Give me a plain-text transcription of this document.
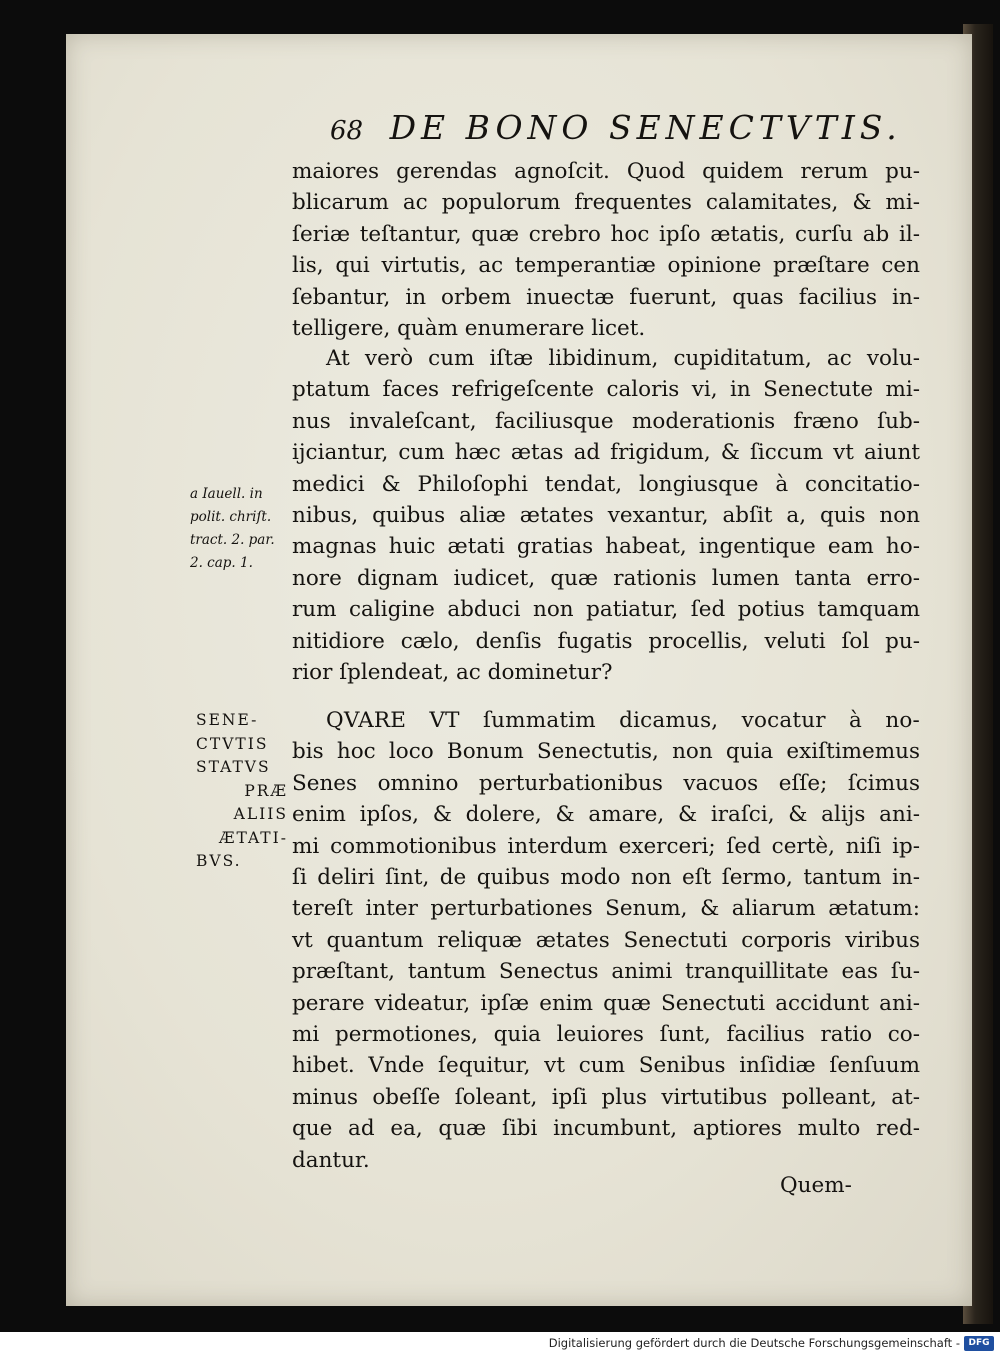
68 DE BONO SENECTVTIS.
maiores gerendas agnoſcit. Quod quidem rerum pu-
blicarum ac populorum frequentes calamitates, & mi-
ſeriæ teſtantur, quæ crebro hoc ipſo ætatis, curſu ab il-
lis, qui virtutis, ac temperantiæ opinione præſtare cen
ſebantur, in orbem inuectæ fuerunt, quas facilius in-
telligere, quàm enumerare licet.
At verò cum iſtæ libidinum, cupiditatum, ac volu-
ptatum faces refrigeſcente caloris vi, in Senectute mi-
nus invaleſcant, faciliusque moderationis fræno ſub-
ijciantur, cum hæc ætas ad frigidum, & ſiccum vt aiunt
medici & Philoſophi tendat, longiusque à concitatio-
nibus, quibus aliæ ætates vexantur, abſit a, quis non
magnas huic ætati gratias habeat, ingentique eam ho-
nore dignam iudicet, quæ rationis lumen tanta erro-
rum caligine abduci non patiatur, ſed potius tamquam
nitidiore cælo, denſis fugatis procellis, veluti ſol pu-
rior ſplendeat, ac dominetur?
QVARE VT ſummatim dicamus, vocatur à no-
bis hoc loco Bonum Senectutis, non quia exiſtimemus
Senes omnino perturbationibus vacuos eſſe; ſcimus
enim ipſos, & dolere, & amare, & iraſci, & alijs ani-
mi commotionibus interdum exerceri; ſed certè, niſi ip-
ſi deliri ſint, de quibus modo non eſt ſermo, tantum in-
tereſt inter perturbationes Senum, & aliarum ætatum:
vt quantum reliquæ ætates Senectuti corporis viribus
præſtant, tantum Senectus animi tranquillitate eas ſu-
perare videatur, ipſæ enim quæ Senectuti accidunt ani-
mi permotiones, quia leuiores ſunt, facilius ratio co-
hibet. Vnde ſequitur, vt cum Senibus inſidiæ ſenſuum
minus obeſſe ſoleant, ipſi plus virtutibus polleant, at-
que ad ea, quæ ſibi incumbunt, aptiores multo red-
dantur.
Quem-
a Iauell. in
polit. chriſt.
tract. 2. par.
2. cap. 1.
SENE-
CTVTIS
STATVS
PRÆ
ALIIS
ÆTATI-
BVS.
Digitalisierung gefördert durch die Deutsche Forschungsgemeinschaft - DFG
